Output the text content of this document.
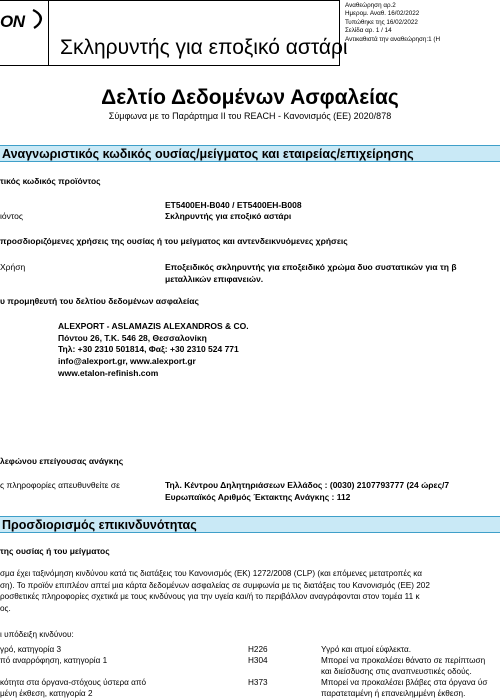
ON
Σκληρυντής για εποξικό αστάρι
Αναθεώρηση αρ.2
Ημερομ. Αναθ. 16/02/2022
Τυπώθηκε της 16/02/2022
Σελίδα αρ. 1 / 14
Αντικαθιστά την αναθεώρηση:1 (Η
Δελτίο Δεδομένων Ασφαλείας
Σύμφωνα με το Παράρτημα II του REACH - Κανονισμός (ΕΕ) 2020/878
Αναγνωριστικός κωδικός ουσίας/μείγματος και εταιρείας/επιχείρησης
τικός κωδικός προϊόντος
ET5400EH-B040 / ET5400EH-B008
ιόντος	Σκληρυντής για εποξικό αστάρι
προσδιοριζόμενες χρήσεις της ουσίας ή του μείγματος και αντενδεικνυόμενες χρήσεις
Χρήση	Εποξειδικός σκληρυντής για εποξειδικό χρώμα δυο συστατικών για τη β
μεταλλικών επιφανειών.
υ προμηθευτή του δελτίου δεδομένων ασφαλείας
ALEXPORT - ASLAMAZIS ALEXANDROS & CO.
Πόντου 26, Τ.Κ. 546 28, Θεσσαλονίκη
Τηλ: +30 2310 501814, Φαξ: +30 2310 524 771
info@alexport.gr, www.alexport.gr
www.etalon-refinish.com
λεφώνου επείγουσας ανάγκης
ς πληροφορίες απευθυνθείτε σε	Τηλ. Κέντρου Δηλητηριάσεων Ελλάδος : (0030) 2107793777 (24 ώρες/7
Ευρωπαϊκός Αριθμός Έκτακτης Ανάγκης : 112
Προσδιορισμός επικινδυνότητας
της ουσίας ή του μείγματος
σμα έχει ταξινόμηση κινδύνου κατά τις διατάξεις του Κανονισμός (ΕΚ) 1272/2008 (CLP) (και επόμενες μετατροπές κα
ση). Το προϊόν επιπλέον απτεί μια κάρτα δεδομένων ασφαλείας σε συμφωνία με τις διατάξεις του Κανονισμός (ΕΕ) 202
ροσθετικές πληροφορίες σχετικά με τους κινδύνους για την υγεία και/ή το περιβάλλον αναγράφονται στον τομέα 11 κ
ος.
ι υπόδειξη κινδύνου:
γρό, κατηγορία 3	H226	Υγρό και ατμοί εύφλεκτα.
πό αναρρόφηση, κατηγορία 1	H304	Μπορεί να προκαλέσει θάνατο σε περίπτωση
και διείσδυσης στις αναπνευστικές οδούς.
κότητα στα όργανα-στόχους ύστερα από	H373	Μπορεί να προκαλέσει βλάβες στα όργανα ύσ
μένη έκθεση, κατηγορία 2	παρατεταμένη ή επανειλημμένη έκθεση.
